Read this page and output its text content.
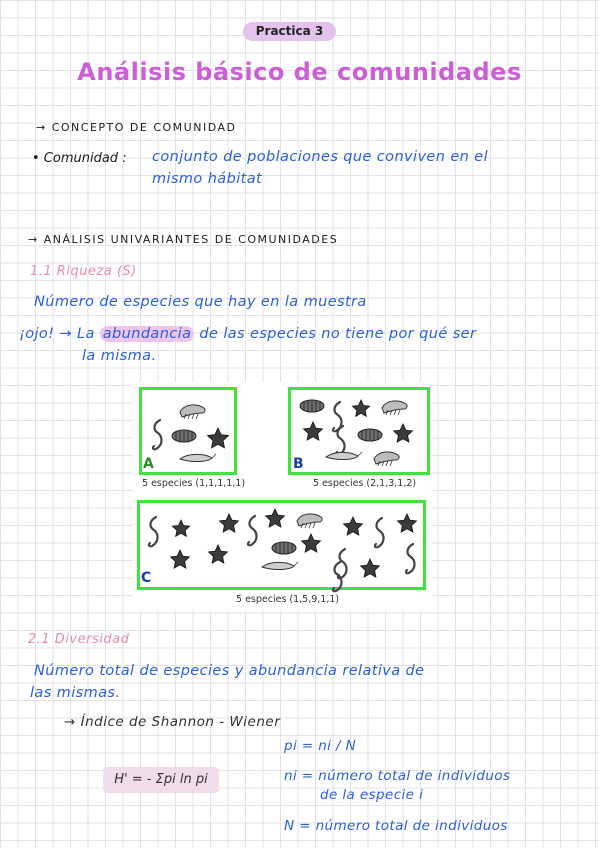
Practica 3
Análisis básico de comunidades
→ CONCEPTO DE COMUNIDAD
• Comunidad : conjunto de poblaciones que conviven en el
mismo hábitat
→ ANÁLISIS UNIVARIANTES DE COMUNIDADES
1.1 Riqueza (S)
Número de especies que hay en la muestra
¡ojo! → La abundancia de las especies no tiene por qué ser
la misma.
A	B
C
5 especies (1,1,1,1,1)	5 especies (2,1,3,1,2)
5 especies (1,5,9,1,1)
2.1 Diversidad
Número total de especies y abundancia relativa de
las mismas.
→ Índice de Shannon - Wiener
H' = - Σpi ln pi
pi = ni / N
ni = número total de individuos
de la especie i
N = número total de individuos
